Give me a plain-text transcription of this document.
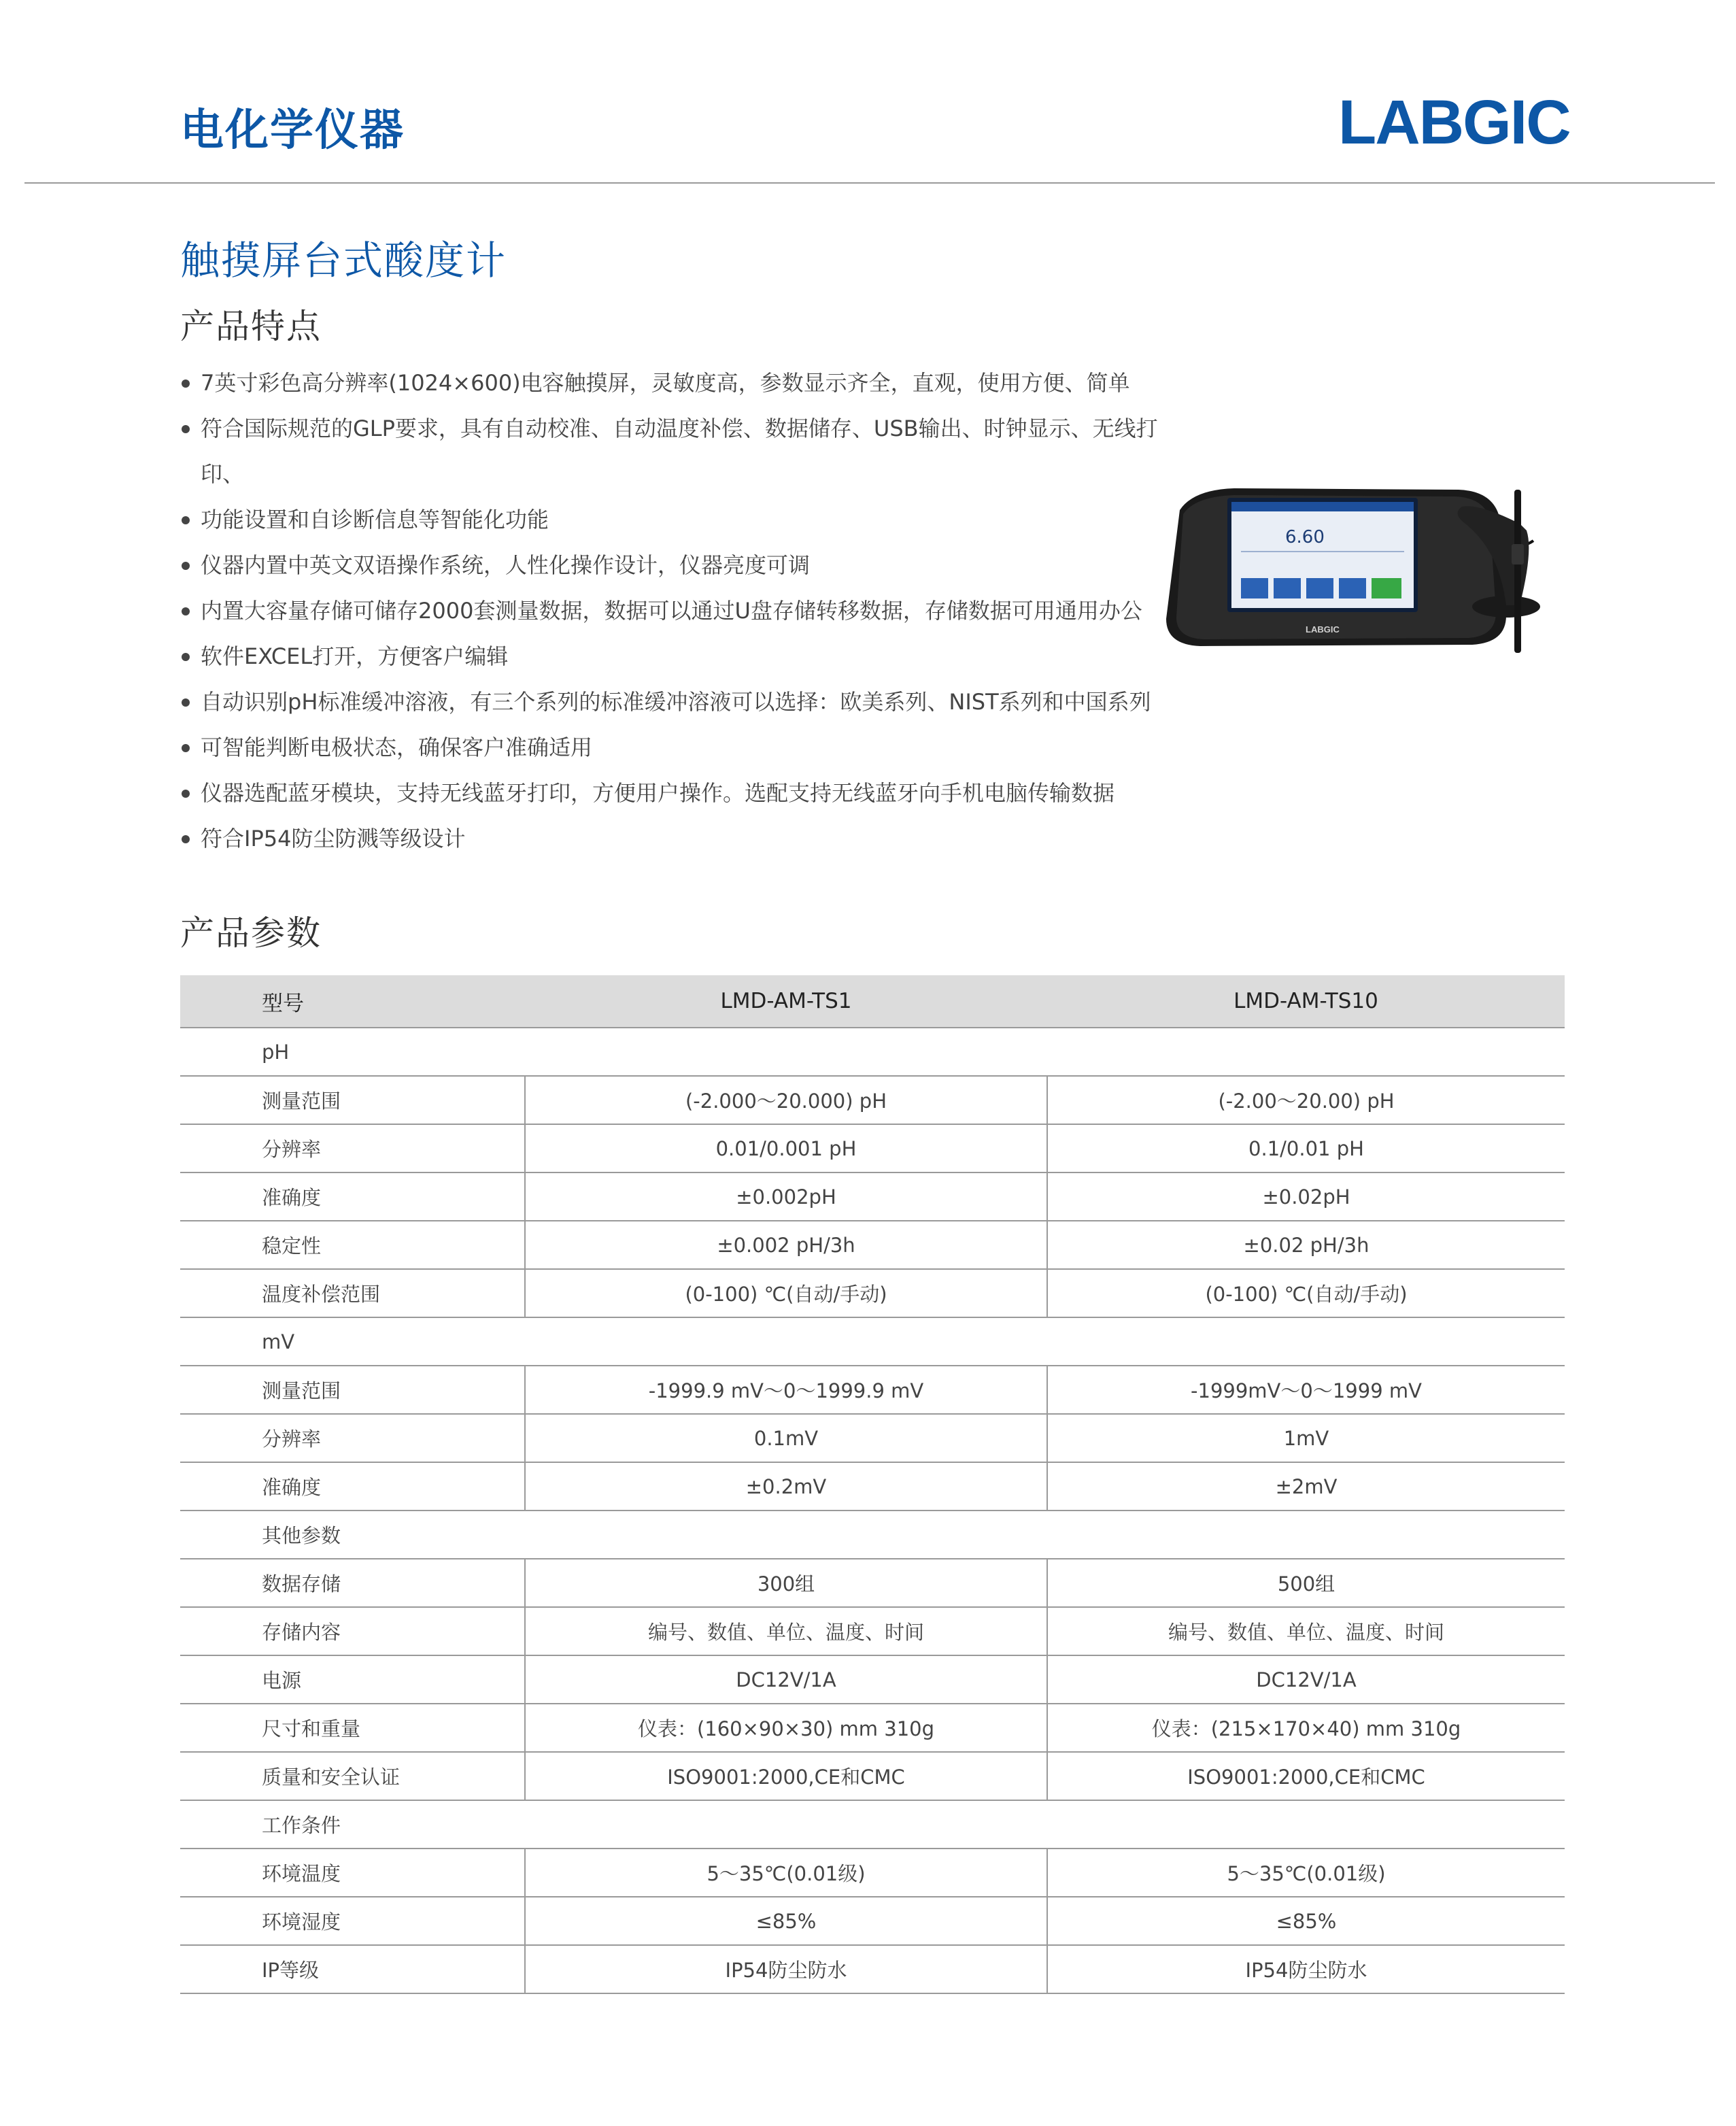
电化学仪器	LABGIC
触摸屏台式酸度计
产品特点
7英寸彩色高分辨率(1024×600)电容触摸屏，灵敏度高，参数显示齐全，直观，使用方便、简单
符合国际规范的GLP要求，具有自动校准、自动温度补偿、数据储存、USB输出、时钟显示、无线打印、
功能设置和自诊断信息等智能化功能
仪器内置中英文双语操作系统，人性化操作设计，仪器亮度可调
内置大容量存储可储存2000套测量数据，数据可以通过U盘存储转移数据，存储数据可用通用办公
软件EXCEL打开，方便客户编辑
自动识别pH标准缓冲溶液，有三个系列的标准缓冲溶液可以选择：欧美系列、NIST系列和中国系列
可智能判断电极状态，确保客户准确适用
仪器选配蓝牙模块，支持无线蓝牙打印，方便用户操作。选配支持无线蓝牙向手机电脑传输数据
符合IP54防尘防溅等级设计
6.60
LABGIC
产品参数
型号	LMD-AM-TS1	LMD-AM-TS10
pH		
测量范围	(-2.000～20.000) pH	(-2.00～20.00) pH
分辨率	0.01/0.001 pH	0.1/0.01 pH
准确度	±0.002pH	±0.02pH
稳定性	±0.002 pH/3h	±0.02 pH/3h
温度补偿范围	(0-100) ℃(自动/手动)	(0-100) ℃(自动/手动)
mV		
测量范围	-1999.9 mV～0～1999.9 mV	-1999mV～0～1999 mV
分辨率	0.1mV	1mV
准确度	±0.2mV	±2mV
其他参数		
数据存储	300组	500组
存储内容	编号、数值、单位、温度、时间	编号、数值、单位、温度、时间
电源	DC12V/1A	DC12V/1A
尺寸和重量	仪表：(160×90×30) mm 310g	仪表：(215×170×40) mm 310g
质量和安全认证	ISO9001:2000,CE和CMC	ISO9001:2000,CE和CMC
工作条件		
环境温度	5～35℃(0.01级)	5～35℃(0.01级)
环境湿度	≤85%	≤85%
IP等级	IP54防尘防水	IP54防尘防水
